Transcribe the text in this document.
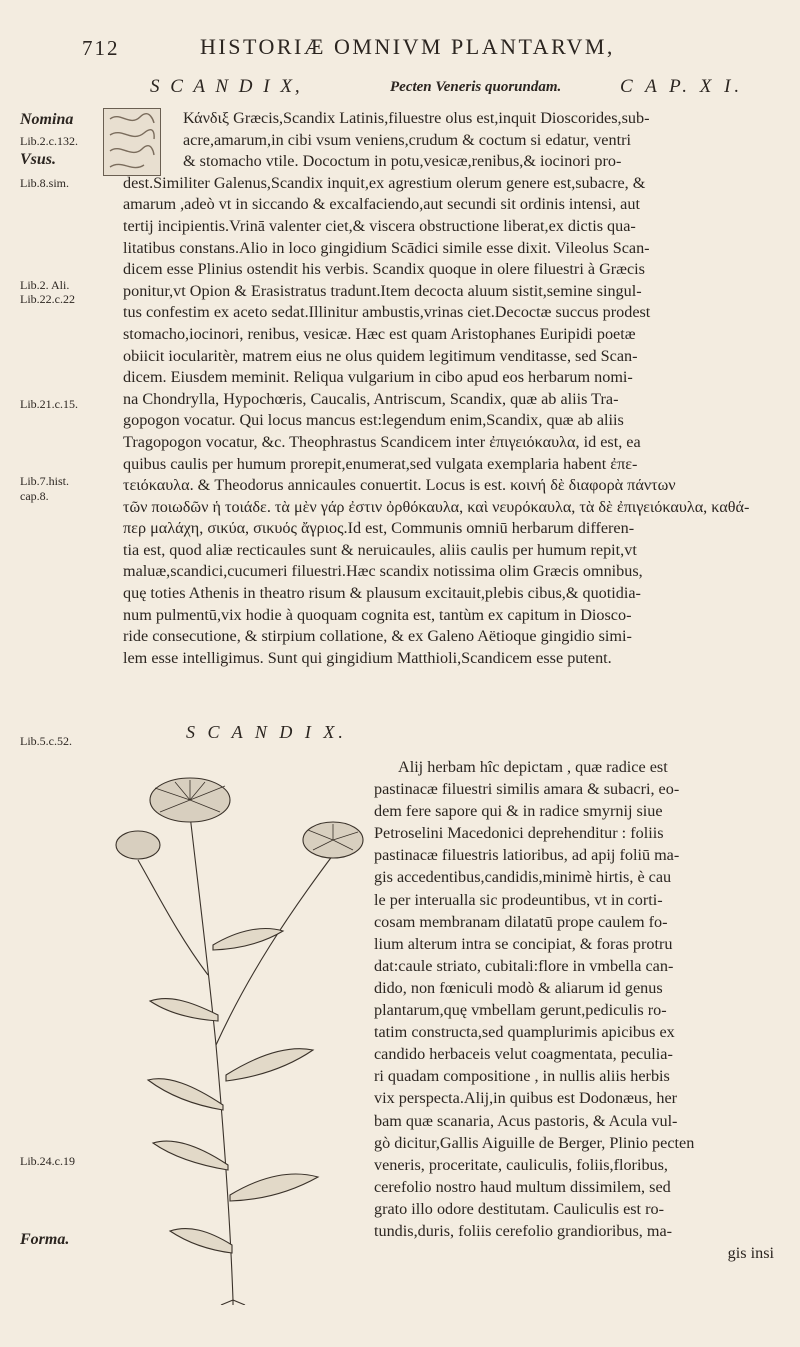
712	HISTORIÆ OMNIVM PLANTARVM,
S C A N D I X,	Pecten Veneris quorundam.	C A P. X I.
Nomina
Lib.2.c.132.
Vsus.
Lib.8.sim.
Lib.2. Ali.
Lib.22.c.22
Lib.21.c.15.
Lib.7.hist.
cap.8.
Lib.5.c.52.
Lib.24.c.19
Forma.
Κάνδιξ Græcis,Scandix Latinis,filuestre olus est,inquit Dioscorides,sub-
acre,amarum,in cibi vsum veniens,crudum & coctum si edatur, ventri
& stomacho vtile. Dococtum in potu,vesicæ,renibus,& iocinori pro-
dest.Similiter Galenus,Scandix inquit,ex agrestium olerum genere est,subacre, &
amarum ,adeò vt in siccando & excalfaciendo,aut secundi sit ordinis intensi, aut
tertij incipientis.Vrinā valenter ciet,& viscera obstructione liberat,ex dictis qua-
litatibus constans.Alio in loco gingidium Scādici simile esse dixit. Vileolus Scan-
dicem esse Plinius ostendit his verbis. Scandix quoque in olere filuestri à Græcis
ponitur,vt Opion & Erasistratus tradunt.Item decocta aluum sistit,semine singul-
tus confestim ex aceto sedat.Illinitur ambustis,vrinas ciet.Decoctæ succus prodest
stomacho,iocinori, renibus, vesicæ. Hæc est quam Aristophanes Euripidi poetæ
obiicit iocularitèr, matrem eius ne olus quidem legitimum venditasse, sed Scan-
dicem. Eiusdem meminit. Reliqua vulgarium in cibo apud eos herbarum nomi-
na Chondrylla, Hypochœris, Caucalis, Antriscum, Scandix, quæ ab aliis Tra-
gopogon vocatur. Qui locus mancus est:legendum enim,Scandix, quæ ab aliis
Tragopogon vocatur, &c. Theophrastus Scandicem inter ἐπιγειόκαυλα, id est, ea
quibus caulis per humum prorepit,enumerat,sed vulgata exemplaria habent ἐπε-
τειόκαυλα. & Theodorus annicaules conuertit. Locus is est. κοινή δὲ διαφορὰ πάντων
τῶν ποιωδῶν ἡ τοιάδε. τὰ μὲν γάρ ἐστιν ὀρθόκαυλα, καὶ νευρόκαυλα, τὰ δὲ ἐπιγειόκαυλα, καθά-
περ μαλάχη, σικύα, σικυός ἄγριος.Id est, Communis omniū herbarum differen-
tia est, quod aliæ recticaules sunt & neruicaules, aliis caulis per humum repit,vt
maluæ,scandici,cucumeri filuestri.Hæc scandix notissima olim Græcis omnibus,
quę toties Athenis in theatro risum & plausum excitauit,plebis cibus,& quotidia-
num pulmentū,vix hodie à quoquam cognita est, tantùm ex capitum in Diosco-
ride consecutione, & stirpium collatione, & ex Galeno Aëtioque gingidio simi-
lem esse intelligimus. Sunt qui gingidium Matthioli,Scandicem esse putent.
S C A N D I X.
Alij herbam hîc depictam , quæ radice est
pastinacæ filuestri similis amara & subacri, eo-
dem fere sapore qui & in radice smyrnij siue
Petroselini Macedonici deprehenditur : foliis
pastinacæ filuestris latioribus, ad apij foliū ma-
gis accedentibus,candidis,minimè hirtis, è cau
le per interualla sic prodeuntibus, vt in corti-
cosam membranam dilatatū prope caulem fo-
lium alterum intra se concipiat, & foras protru
dat:caule striato, cubitali:flore in vmbella can-
dido, non fœniculi modò & aliarum id genus
plantarum,quę vmbellam gerunt,pediculis ro-
tatim constructa,sed quamplurimis apicibus ex
candido herbaceis velut coagmentata, peculia-
ri quadam compositione , in nullis aliis herbis
vix perspecta.Alij,in quibus est Dodonæus, her
bam quæ scanaria, Acus pastoris, & Acula vul-
gò dicitur,Gallis Aiguille de Berger, Plinio pecten
veneris, proceritate, cauliculis, foliis,floribus,
cerefolio nostro haud multum dissimilem, sed
grato illo odore destitutam. Cauliculis est ro-
tundis,duris, foliis cerefolio grandioribus, ma-
gis insi
